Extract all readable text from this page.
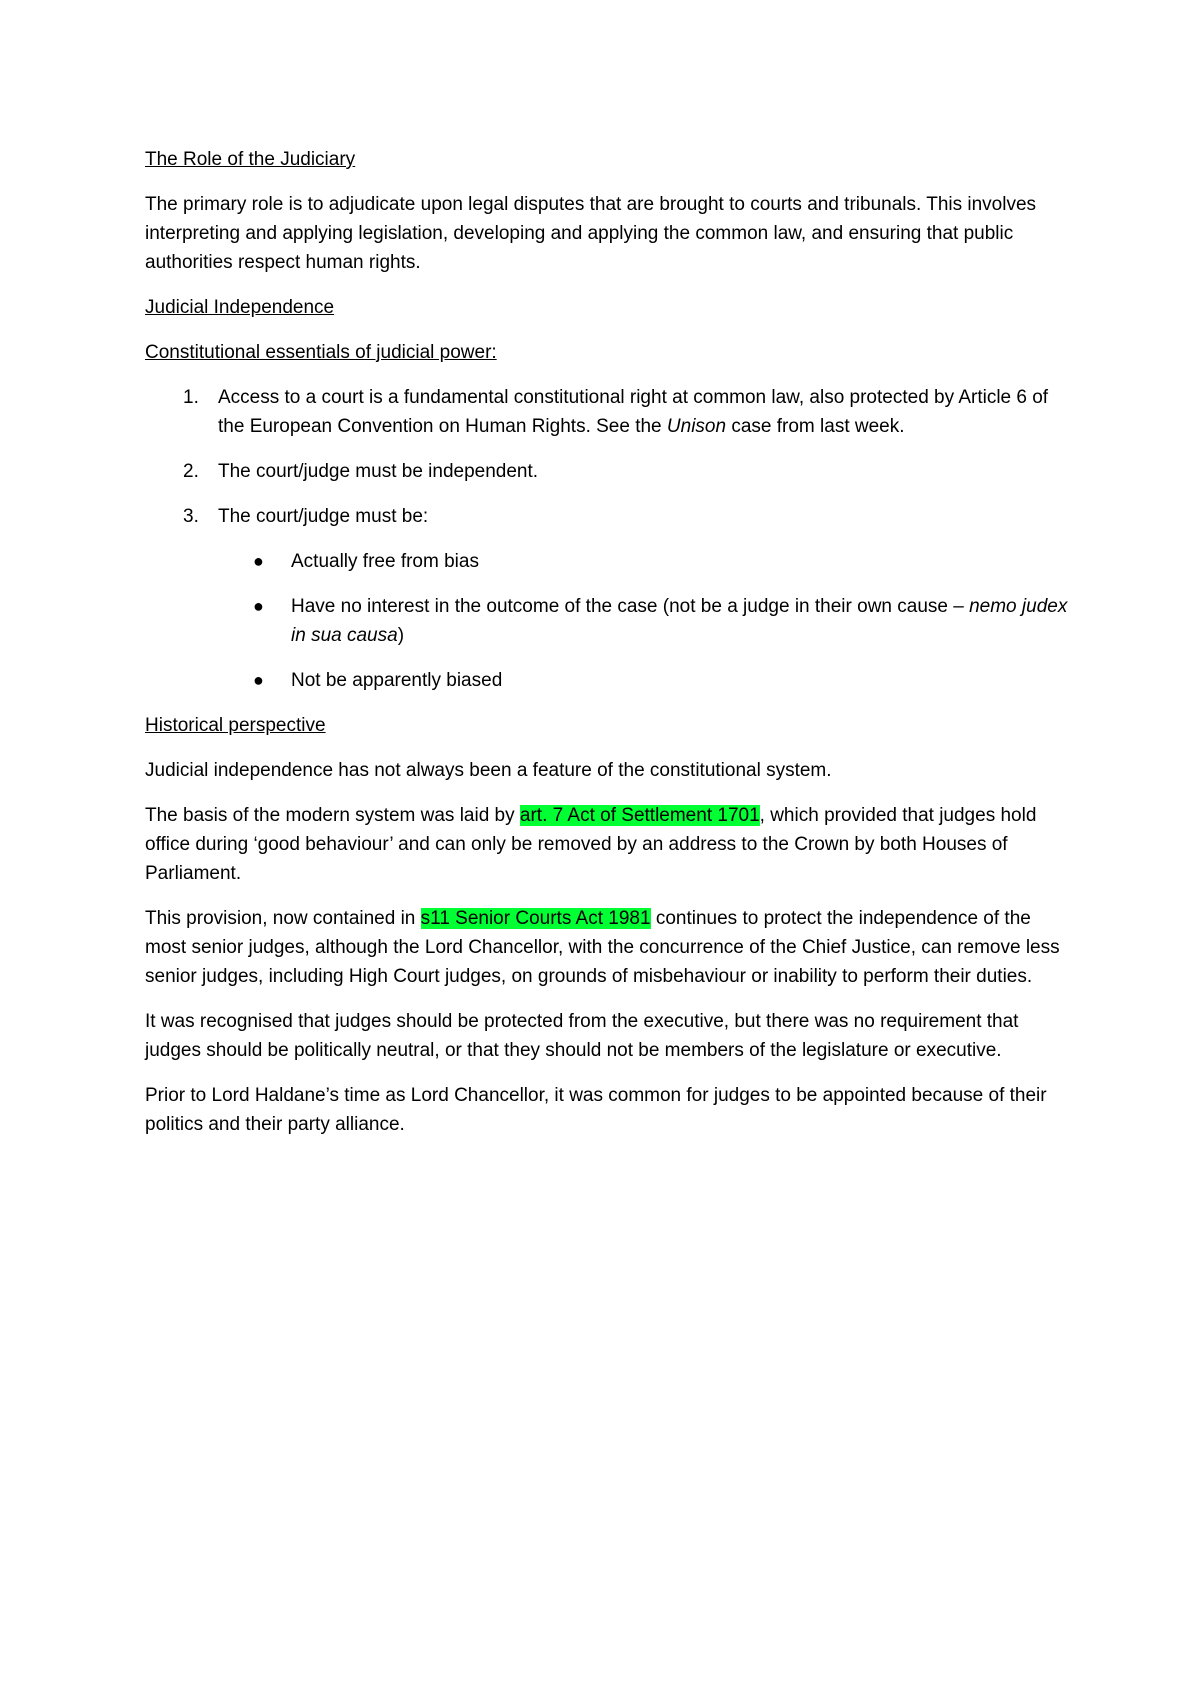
The Role of the Judiciary

The primary role is to adjudicate upon legal disputes that are brought to courts and tribunals. This involves interpreting and applying legislation, developing and applying the common law, and ensuring that public authorities respect human rights.

Judicial Independence
Constitutional essentials of judicial power:
1. Access to a court is a fundamental constitutional right at common law, also protected by Article 6 of the European Convention on Human Rights. See the Unison case from last week.
2. The court/judge must be independent.
3. The court/judge must be:
● Actually free from bias
● Have no interest in the outcome of the case (not be a judge in their own cause – nemo judex in sua causa)
● Not be apparently biased
Historical perspective

Judicial independence has not always been a feature of the constitutional system.

The basis of the modern system was laid by art. 7 Act of Settlement 1701, which provided that judges hold office during ‘good behaviour’ and can only be removed by an address to the Crown by both Houses of Parliament.

This provision, now contained in s11 Senior Courts Act 1981 continues to protect the independence of the most senior judges, although the Lord Chancellor, with the concurrence of the Chief Justice, can remove less senior judges, including High Court judges, on grounds of misbehaviour or inability to perform their duties.

It was recognised that judges should be protected from the executive, but there was no requirement that judges should be politically neutral, or that they should not be members of the legislature or executive.

Prior to Lord Haldane’s time as Lord Chancellor, it was common for judges to be appointed because of their politics and their party alliance.
